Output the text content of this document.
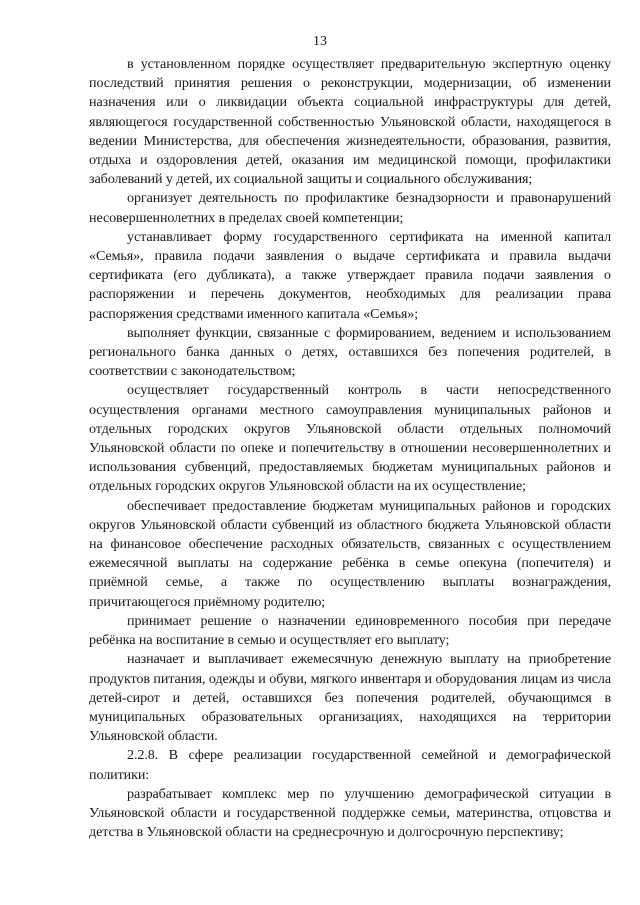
13

в установленном порядке осуществляет предварительную экспертную оценку последствий принятия решения о реконструкции, модернизации, об изменении назначения или о ликвидации объекта социальной инфраструктуры для детей, являющегося государственной собственностью Ульяновской области, находящегося в ведении Министерства, для обеспечения жизнедеятельности, образования, развития, отдыха и оздоровления детей, оказания им медицинской помощи, профилактики заболеваний у детей, их социальной защиты и социального обслуживания;

организует деятельность по профилактике безнадзорности и правонарушений несовершеннолетних в пределах своей компетенции;

устанавливает форму государственного сертификата на именной капитал «Семья», правила подачи заявления о выдаче сертификата и правила выдачи сертификата (его дубликата), а также утверждает правила подачи заявления о распоряжении и перечень документов, необходимых для реализации права распоряжения средствами именного капитала «Семья»;

выполняет функции, связанные с формированием, ведением и использованием регионального банка данных о детях, оставшихся без попечения родителей, в соответствии с законодательством;

осуществляет государственный контроль в части непосредственного осуществления органами местного самоуправления муниципальных районов и отдельных городских округов Ульяновской области отдельных полномочий Ульяновской области по опеке и попечительству в отношении несовершеннолетних и использования субвенций, предоставляемых бюджетам муниципальных районов и отдельных городских округов Ульяновской области на их осуществление;

обеспечивает предоставление бюджетам муниципальных районов и городских округов Ульяновской области субвенций из областного бюджета Ульяновской области на финансовое обеспечение расходных обязательств, связанных с осуществлением ежемесячной выплаты на содержание ребёнка в семье опекуна (попечителя) и приёмной семье, а также по осуществлению выплаты вознаграждения, причитающегося приёмному родителю;

принимает решение о назначении единовременного пособия при передаче ребёнка на воспитание в семью и осуществляет его выплату;

назначает и выплачивает ежемесячную денежную выплату на приобретение продуктов питания, одежды и обуви, мягкого инвентаря и оборудования лицам из числа детей-сирот и детей, оставшихся без попечения родителей, обучающимся в муниципальных образовательных организациях, находящихся на территории Ульяновской области.

2.2.8. В сфере реализации государственной семейной и демографической политики:

разрабатывает комплекс мер по улучшению демографической ситуации в Ульяновской области и государственной поддержке семьи, материнства, отцовства и детства в Ульяновской области на среднесрочную и долгосрочную перспективу;
